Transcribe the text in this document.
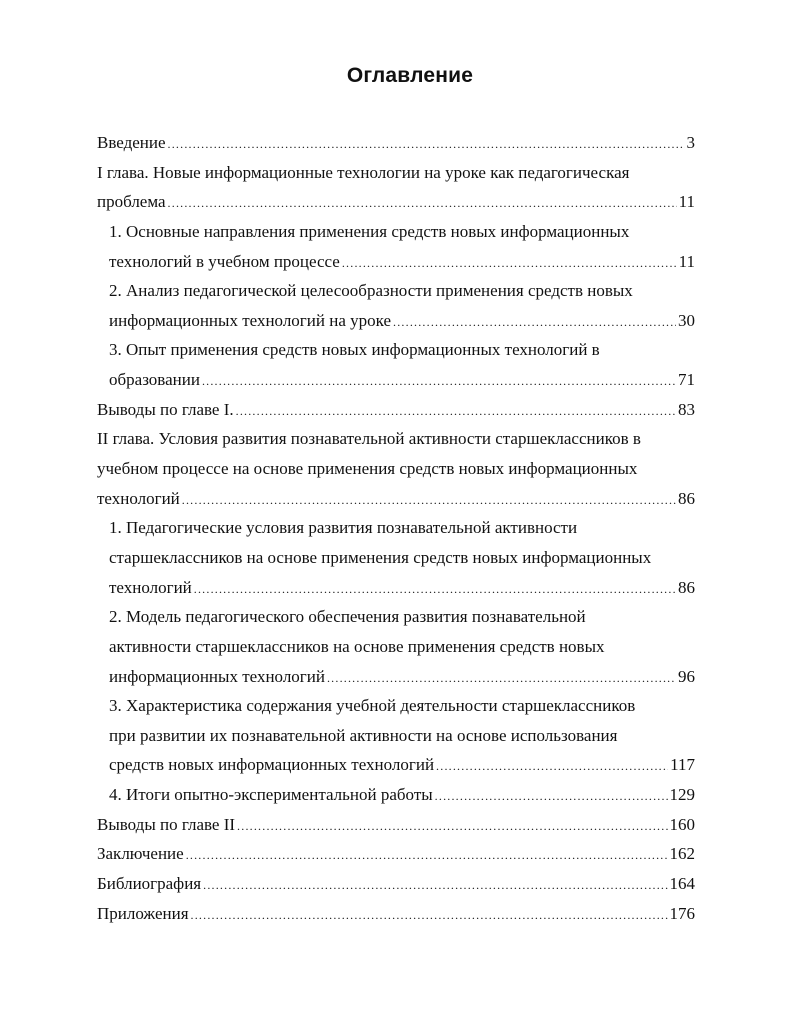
Оглавление
Введение .....	3
I глава. Новые информационные технологии на уроке как педагогическая
проблема .....	11
1. Основные направления применения средств новых информационных
технологий в учебном процессе .....	11
2. Анализ педагогической целесообразности применения средств новых
информационных технологий на уроке .....	30
3. Опыт применения средств новых информационных технологий в
образовании .....	71
Выводы по главе I. .....	83
II глава. Условия развития познавательной активности старшеклассников в
учебном процессе на основе применения средств новых информационных
технологий .....	86
1. Педагогические условия развития познавательной активности
старшеклассников на основе применения средств новых информационных
технологий .....	86
2. Модель педагогического обеспечения развития познавательной
активности старшеклассников на основе применения средств новых
информационных технологий .....	96
3. Характеристика содержания учебной деятельности старшеклассников
при развитии их познавательной активности на основе использования
средств новых информационных технологий .....	117
4. Итоги опытно-экспериментальной работы .....	129
Выводы по главе II .....	160
Заключение .....	162
Библиография .....	164
Приложения .....	176
